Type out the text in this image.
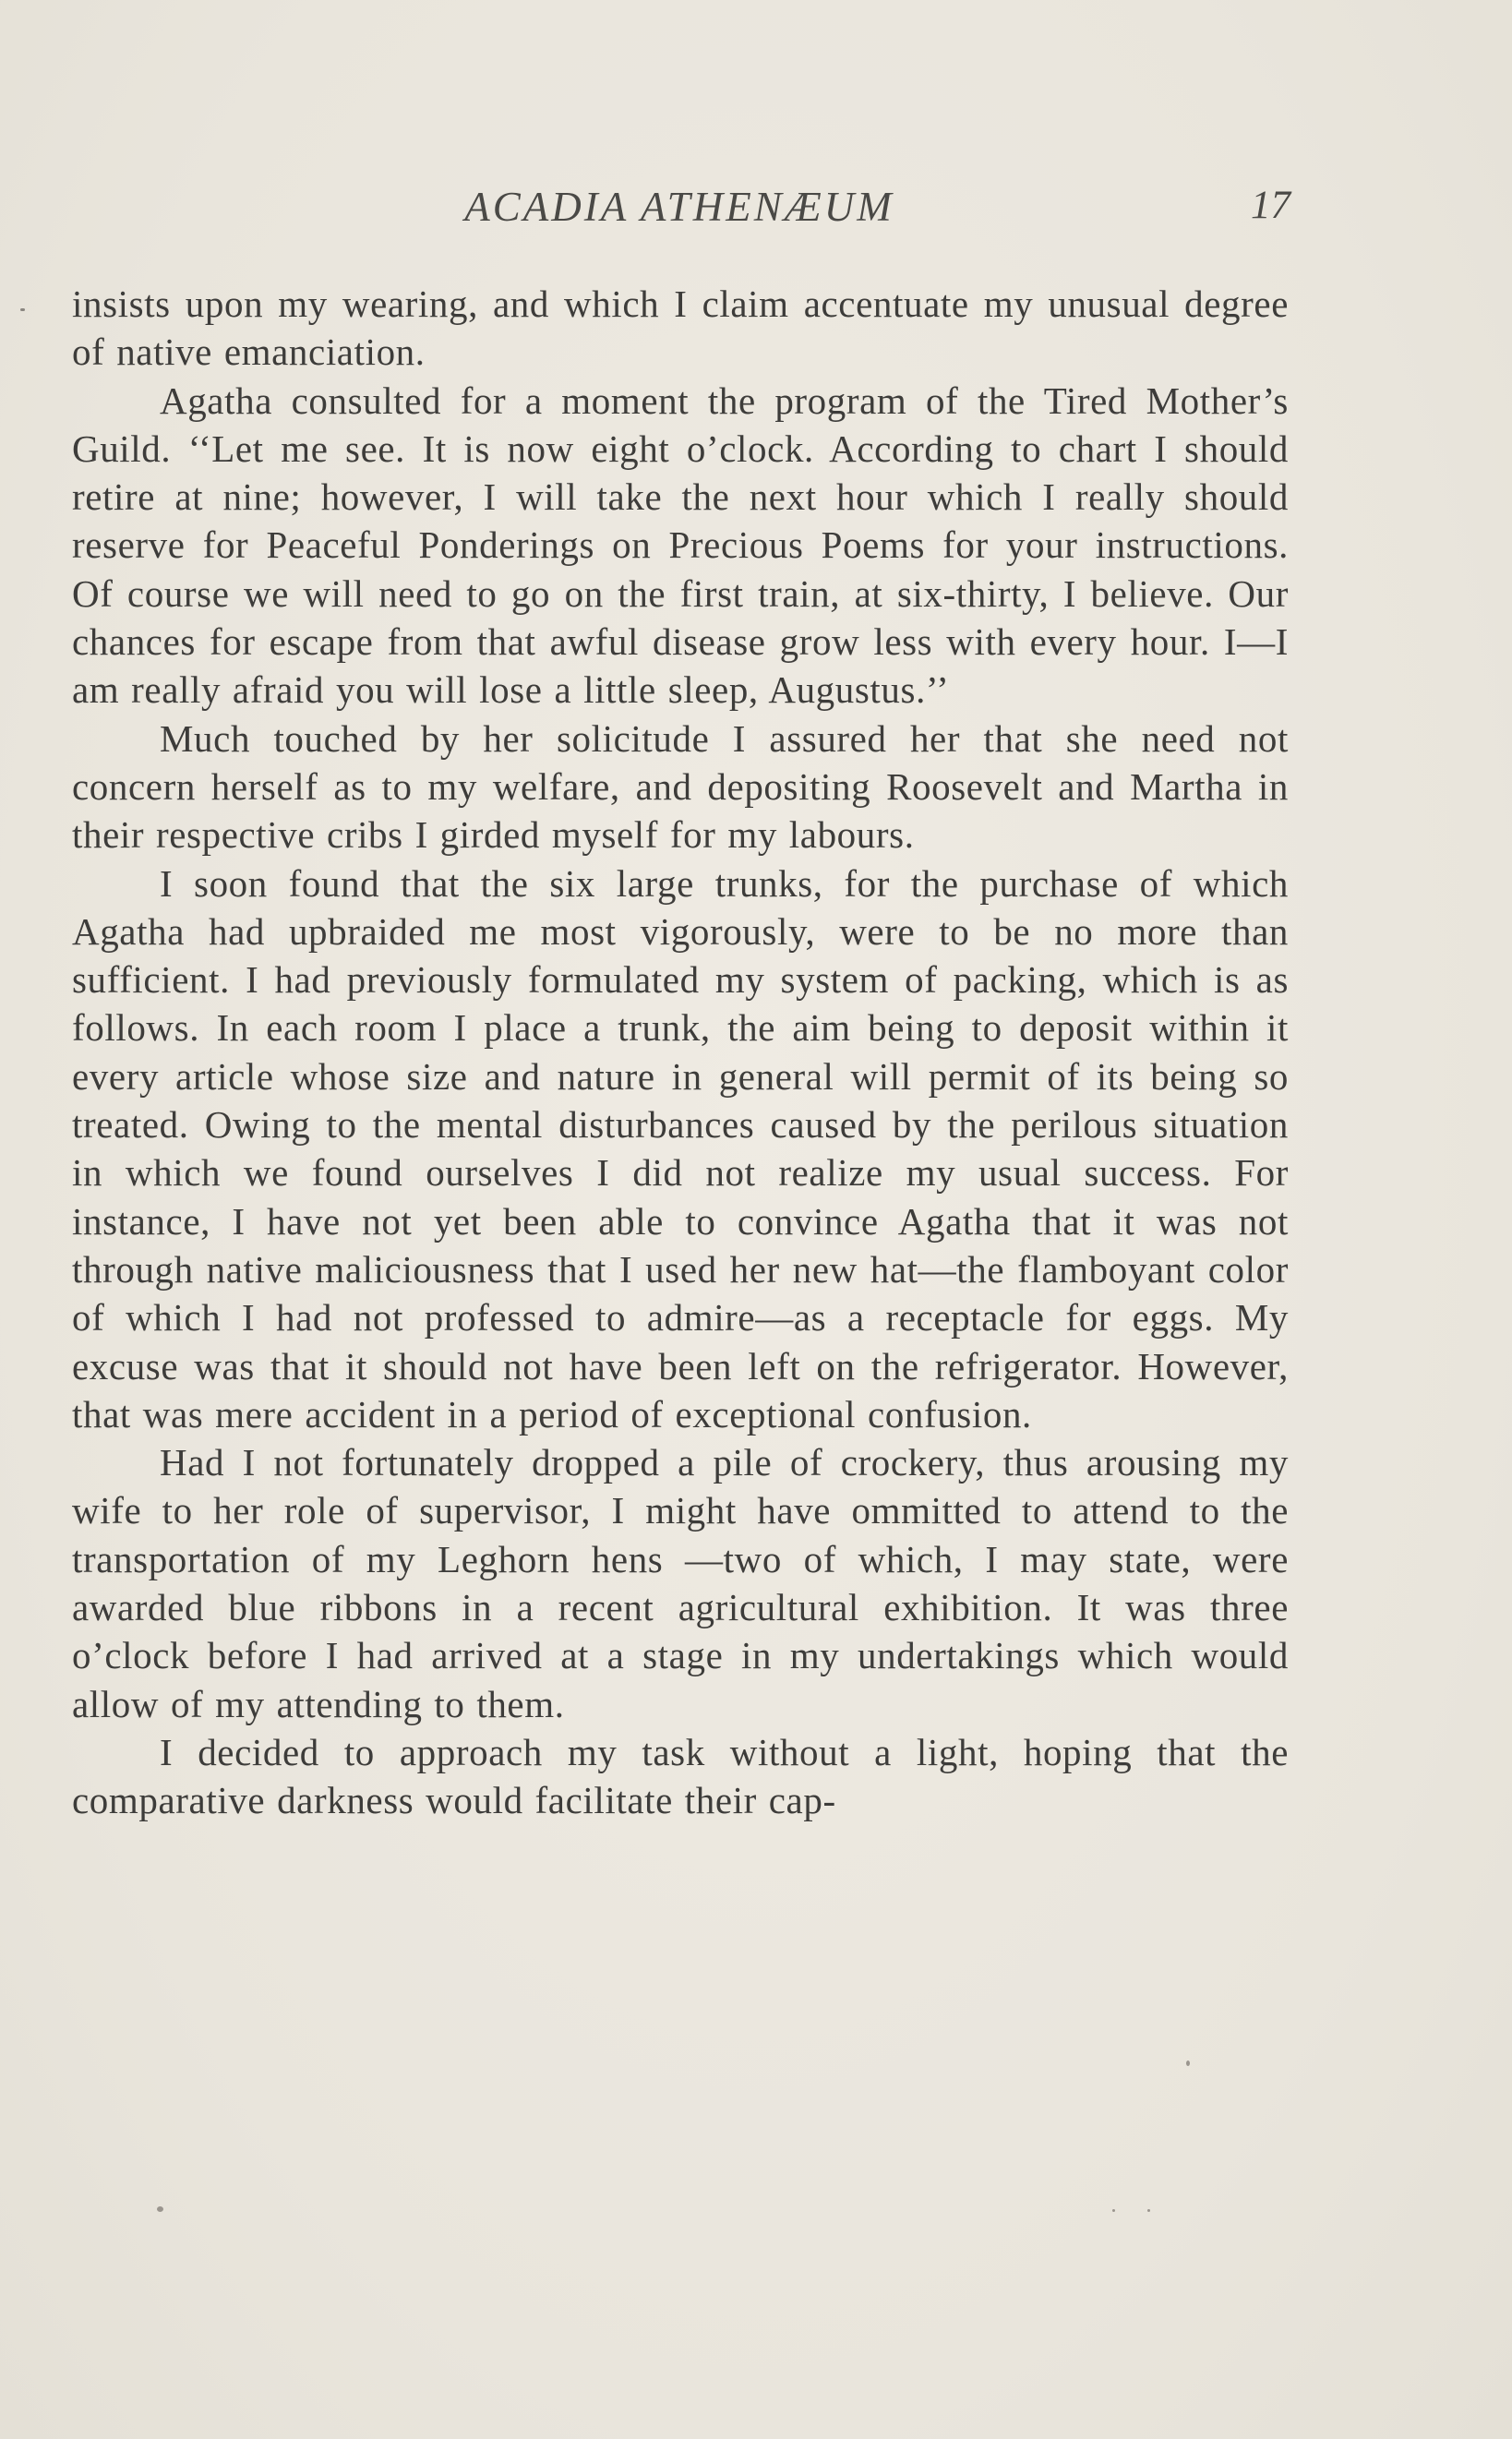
ACADIA ATHENÆUM	17

insists upon my wearing, and which I claim accentuate my unusual degree of native emanciation.

Agatha consulted for a moment the program of the Tired Mother’s Guild. ‘‘Let me see. It is now eight o’clock. According to chart I should retire at nine; however, I will take the next hour which I really should reserve for Peaceful Ponderings on Precious Poems for your instructions. Of course we will need to go on the first train, at six-thirty, I believe. Our chances for escape from that awful disease grow less with every hour. I—I am really afraid you will lose a little sleep, Augustus.’’

Much touched by her solicitude I assured her that she need not concern herself as to my welfare, and depositing Roosevelt and Martha in their respective cribs I girded myself for my labours.

I soon found that the six large trunks, for the purchase of which Agatha had upbraided me most vigorously, were to be no more than sufficient. I had previously formulated my system of packing, which is as follows. In each room I place a trunk, the aim being to deposit within it every article whose size and nature in general will permit of its being so treated. Owing to the mental disturbances caused by the perilous situation in which we found ourselves I did not realize my usual success. For instance, I have not yet been able to convince Agatha that it was not through native maliciousness that I used her new hat—the flamboyant color of which I had not professed to admire—as a receptacle for eggs. My excuse was that it should not have been left on the refrigerator. However, that was mere accident in a period of exceptional confusion.

Had I not fortunately dropped a pile of crockery, thus arousing my wife to her role of supervisor, I might have ommitted to attend to the transportation of my Leghorn hens —two of which, I may state, were awarded blue ribbons in a recent agricultural exhibition. It was three o’clock before I had arrived at a stage in my undertakings which would allow of my attending to them.

I decided to approach my task without a light, hoping that the comparative darkness would facilitate their cap-
